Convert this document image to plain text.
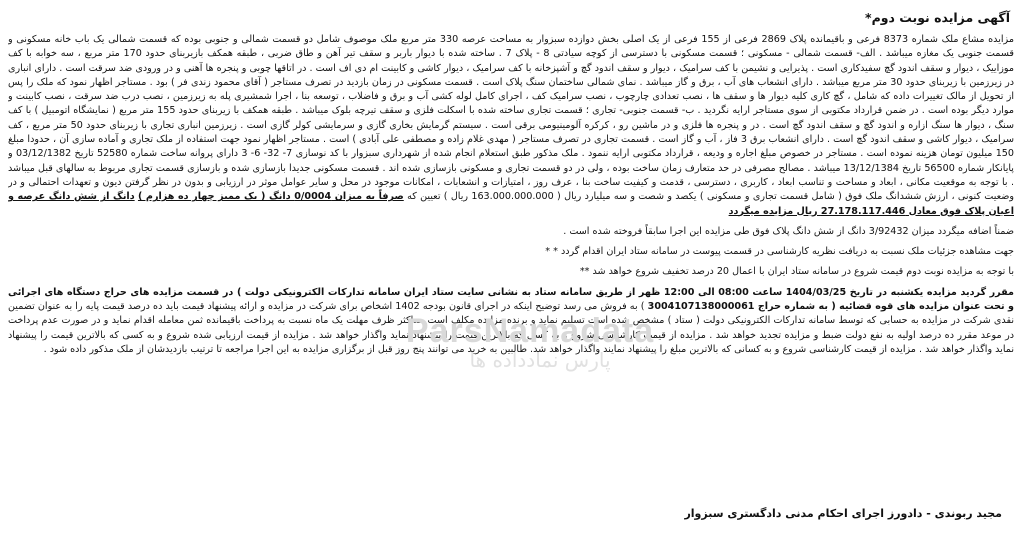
آگهی مزایده نوبت دوم*

مزایده مشاع ملک شماره 8373 فرعی و باقیمانده پلاک 2869 فرعی از 155 فرعی از یک اصلی بخش دوازده سبزوار به مساحت عرصه 330 متر مربع ملک موصوف شامل دو قسمت شمالی و جنوبی بوده که قسمت شمالی یک باب خانه مسکونی و قسمت جنوبی یک مغازه میباشد . الف- قسمت شمالی - مسکونی ؛ قسمت مسکونی با دسترسی از کوچه سیادتی 8 - پلاک 7 . ساخته شده با دیوار باربر و سقف تیر آهن و طاق ضربی ، طبقه همکف بازیربنای حدود 170 متر مربع ، سه خوابه با کف موزاییک ، دیوار و سقف اندود گچ سفیدکاری است . پذیرایی و نشیمن با کف سرامیک ، دیوار و سقف اندود گچ و آشپزخانه با کف سرامیک ، دیوار کاشی و کابینت ام دی اف است . در اتاقها چوبی و پنجره ها آهنی و در ورودی ضد سرقت است . دارای انباری در زیرزمین با زیربنای حدود 30 متر مربع میباشد . دارای انشعاب های آب ، برق و گاز میباشد . نمای شمالی ساختمان سنگ پلاک است . قسمت مسکونی در زمان بازدید در تصرف مستاجر ( آقای محمود زندی فر ) بود . مستاجر اظهار نمود که ملک را پس از تحویل از مالک تغییرات داده که شامل ، گچ کاری کلیه دیوار ها و سقف ها ، نصب تعدادی چارچوب ، نصب سرامیک کف ، اجرای کامل لوله کشی آب و برق و فاضلاب ، توسعه بنا ، اجرا شمشیری پله به زیرزمین ، نصب درب ضد سرقت ، نصب کابینت و موارد دیگر بوده است . در ضمن قرارداد مکتوبی از سوی مستاجر ارایه نگردید . ب- قسمت جنوبی- تجاری ؛ قسمت تجاری ساخته شده با اسکلت فلزی و سقف تیرچه بلوک میباشد . طبقه همکف با زیربنای حدود 155 متر مربع ( نمایشگاه اتومبیل ) با کف سنگ ، دیوار ها سنگ ازاره و اندود گچ و سقف اندود گچ است . در و پنجره ها فلزی و در ماشین رو ، کرکره آلومینیومی برقی است . سیستم گرمایش بخاری گازی و سرمایشی کولر گازی است . زیرزمین انباری تجاری با زیربنای حدود 50 متر مربع ، کف سرامیک ، دیوار کاشی و سقف اندود گچ است . دارای انشعاب برق 3 فاز ، آب و گاز است . قسمت تجاری در تصرف مستاجر ( مهدی غلام زاده و مصطفی علی آبادی ) است . مستاجر اظهار نمود جهت استفاده از ملک تجاری و آماده سازی آن ، حدودا مبلغ 150 میلیون تومان هزینه نموده است . مستاجر در خصوص مبلغ اجاره و ودیعه ، قرارداد مکتوبی ارایه ننمود . ملک مذکور طبق استعلام انجام شده از شهرداری سبزوار با کد نوسازی 7- 32- 6- 3 دارای پروانه ساخت شماره 52580 تاریخ 03/12/1382 و پایانکار شماره 56500 تاریخ 13/12/1384 میباشد . مصالح مصرفی در حد متعارف زمان ساخت بوده ، ولی در دو قسمت تجاری و مسکونی بازسازی شده اند . قسمت مسکونی جدیدا بازسازی شده و بازسازی قسمت تجاری مربوط به سالهای قبل میباشد . با توجه به موقعیت مکانی ، ابعاد و مساحت و تناسب ابعاد ، کاربری ، دسترسی ، قدمت و کیفیت ساخت بنا ، عرف روز ، امتیازات و انشعابات ، امکانات موجود در محل و سایر عوامل موثر در ارزیابی و بدون در نظر گرفتن دیون و تعهدات احتمالی و در وضعیت کنونی ، ارزش ششدانگ ملک فوق ( شامل قسمت تجاری و مسکونی ) یکصد و شصت و سه میلیارد ریال ( 163.000.000.000 ریال ) تعیین که صرفاً به میزان 0/0004 دانگ ( یک ممیز چهار ده هزارم ) دانگ از شش دانگ عرصه و اعیان پلاک فوق معادل 27.178.117.446 ریال مزایده میگردد

ضمناً اضافه میگردد میزان 3/92432 دانگ از شش دانگ پلاک فوق طی مزایده این اجرا سابقاً فروخته شده است .

جهت مشاهده جزئیات ملک نسبت به دریافت نظریه کارشناسی در قسمت پیوست در سامانه ستاد ایران اقدام گردد * *

با توجه به مزایده نوبت دوم قیمت شروع در سامانه ستاد ایران با اعمال 20 درصد تخفیف شروع خواهد شد **

مقرر گردید مزایده یکشنبه در تاریخ 1404/03/25 ساعت 08:00 الی 12:00 ظهر از طریق سامانه ستاد به نشانی سایت ستاد ایران سامانه تدارکات الکترونیکی دولت ) در قسمت مزایده های حراج دستگاه های اجرائی و تحت عنوان مزایده های قوه قضائیه ( به شماره حراج 3004107138000061 ) به فروش می رسد توضیح اینکه در اجرای قانون بودجه 1402 اشخاص برای شرکت در مزایده و ارائه پیشنهاد قیمت باید ده درصد قیمت پایه را به عنوان تضمین نقدی شرکت در مزایده به حسابی که توسط سامانه تدارکات الکترونیکی دولت ( ستاد ) مشخص شده است تسلیم نماید و برنده مزایده مکلف است حداکثر ظرف مهلت یک ماه نسبت به پرداخت باقیمانده ثمن معامله اقدام نماید و در صورت عدم پرداخت در موعد مقرر ده درصد اولیه به نفع دولت ضبط و مزایده تجدید خواهد شد . مزایده از قیمت کارشناسی شروع و به کسی که بالاترین قیمت را پیشنهاد نماید واگذار خواهد شد . مزایده از قیمت ارزیابی شده شروع و به کسی که بالاترین قیمت را پیشنهاد نماید واگذار خواهد شد . مزایده از قیمت کارشناسی شروع و به کسانی که بالاترین مبلغ را پیشنهاد نمایند واگذار خواهد شد. طالبین به خرید می توانند پنج روز قبل از برگزاری مزایده به این اجرا مراجعه تا ترتیب بازدیدشان از ملک مذکور داده شود .

مجید ربوندی - دادورز اجرای احکام مدنی دادگستری سبزوار
ParsNamadata
پارس نمادداده ها
